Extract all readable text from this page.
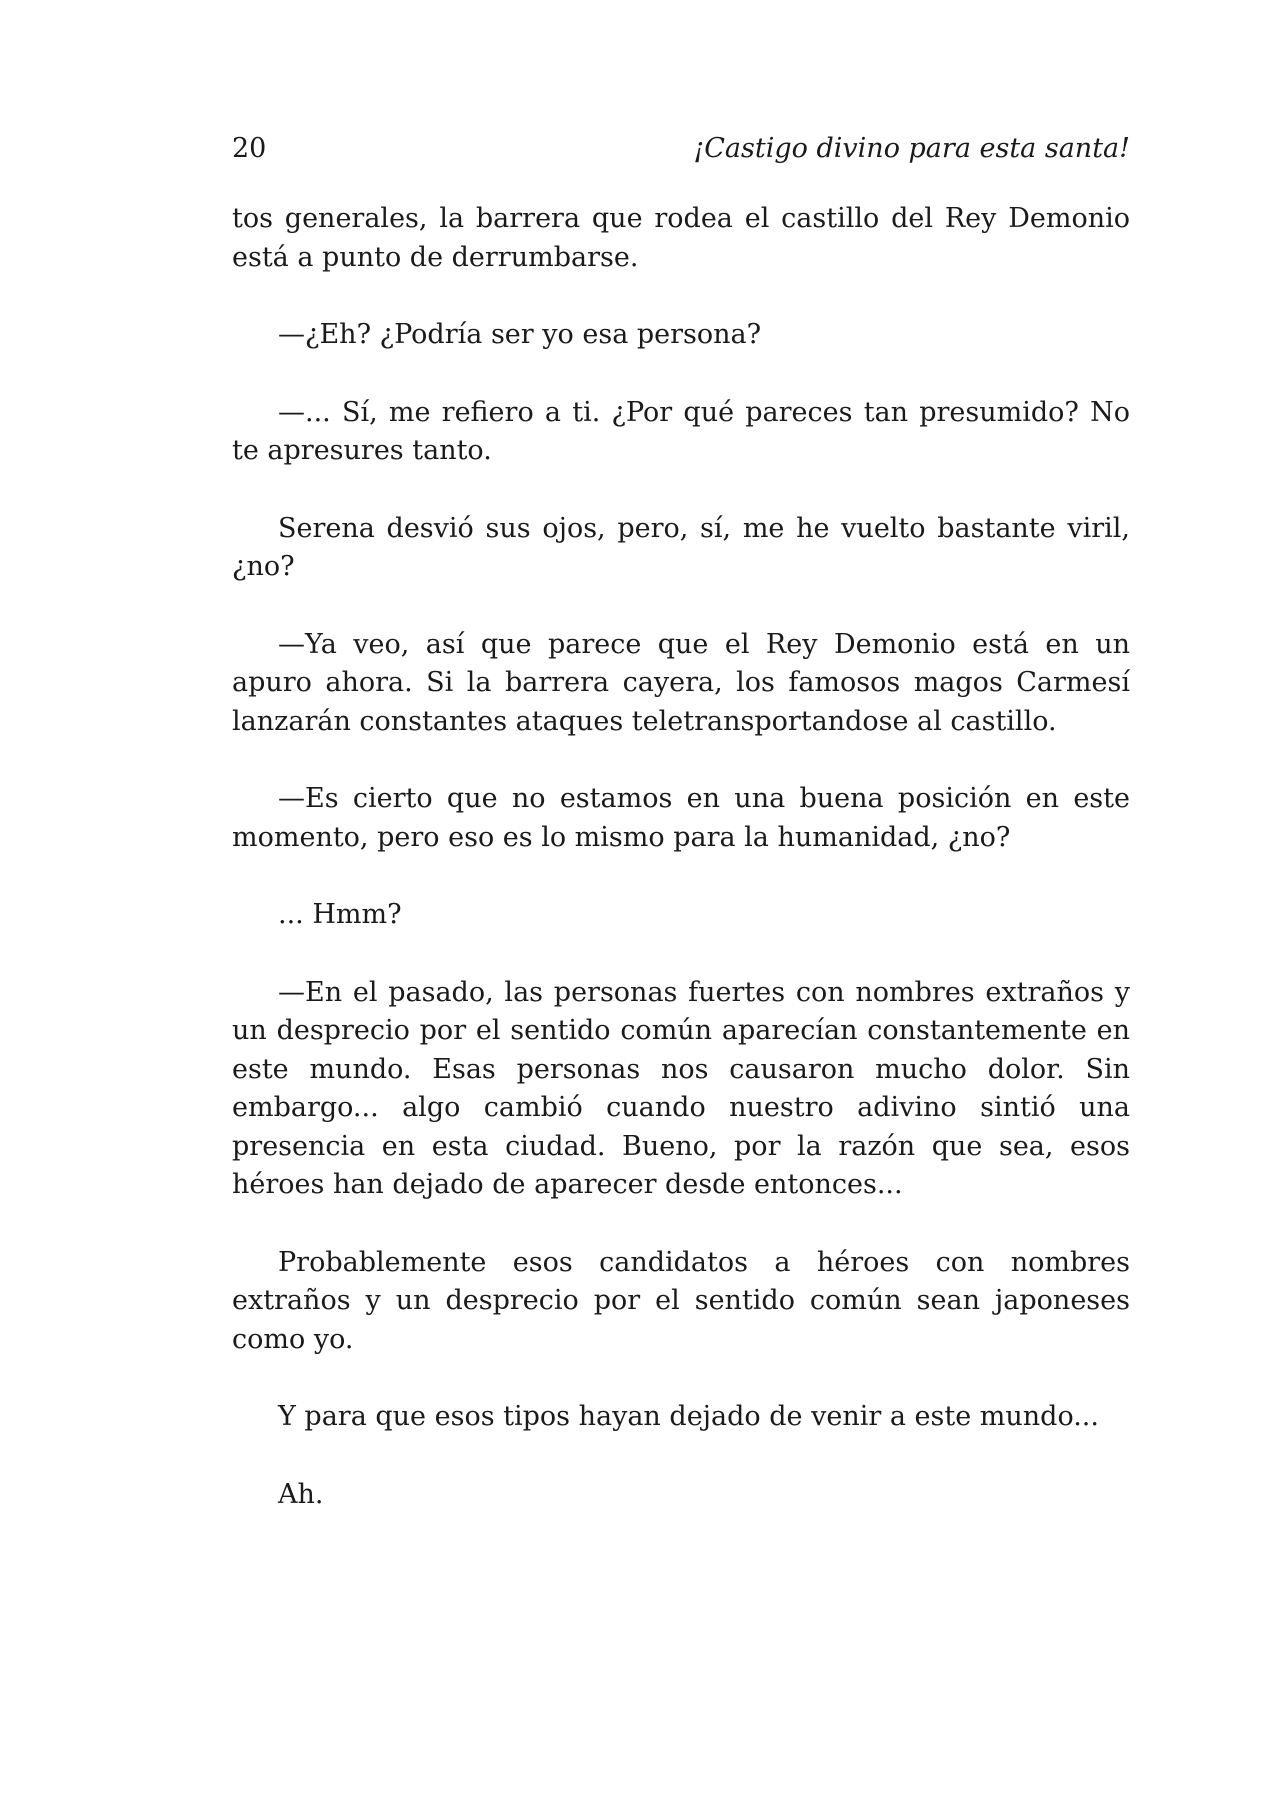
20	¡Castigo divino para esta santa!

tos generales, la barrera que rodea el castillo del Rey Demonio está a punto de derrumbarse.

—¿Eh? ¿Podría ser yo esa persona?

—... Sí, me refiero a ti. ¿Por qué pareces tan presumido? No te apresures tanto.

Serena desvió sus ojos, pero, sí, me he vuelto bastante viril, ¿no?

—Ya veo, así que parece que el Rey Demonio está en un apuro ahora. Si la barrera cayera, los famosos magos Carmesí lanzarán constantes ataques teletransportandose al castillo.

—Es cierto que no estamos en una buena posición en este momento, pero eso es lo mismo para la humanidad, ¿no?

... Hmm?

—En el pasado, las personas fuertes con nombres extraños y un desprecio por el sentido común aparecían constantemente en este mundo. Esas personas nos causaron mucho dolor. Sin embargo... algo cambió cuando nuestro adivino sintió una presencia en esta ciudad. Bueno, por la razón que sea, esos héroes han dejado de aparecer desde entonces...

Probablemente esos candidatos a héroes con nombres extraños y un desprecio por el sentido común sean japoneses como yo.

Y para que esos tipos hayan dejado de venir a este mundo...

Ah.
